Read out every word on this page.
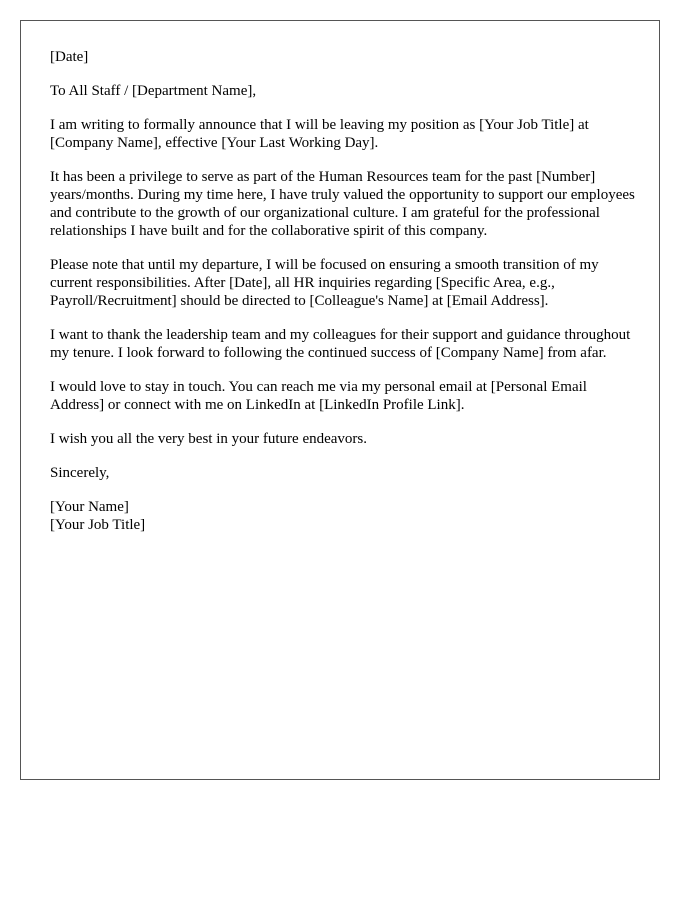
[Date]

To All Staff / [Department Name],

I am writing to formally announce that I will be leaving my position as [Your Job Title] at [Company Name], effective [Your Last Working Day].

It has been a privilege to serve as part of the Human Resources team for the past [Number] years/months. During my time here, I have truly valued the opportunity to support our employees and contribute to the growth of our organizational culture. I am grateful for the professional relationships I have built and for the collaborative spirit of this company.

Please note that until my departure, I will be focused on ensuring a smooth transition of my current responsibilities. After [Date], all HR inquiries regarding [Specific Area, e.g., Payroll/Recruitment] should be directed to [Colleague's Name] at [Email Address].

I want to thank the leadership team and my colleagues for their support and guidance throughout my tenure. I look forward to following the continued success of [Company Name] from afar.

I would love to stay in touch. You can reach me via my personal email at [Personal Email Address] or connect with me on LinkedIn at [LinkedIn Profile Link].

I wish you all the very best in your future endeavors.

Sincerely,

[Your Name]
[Your Job Title]
